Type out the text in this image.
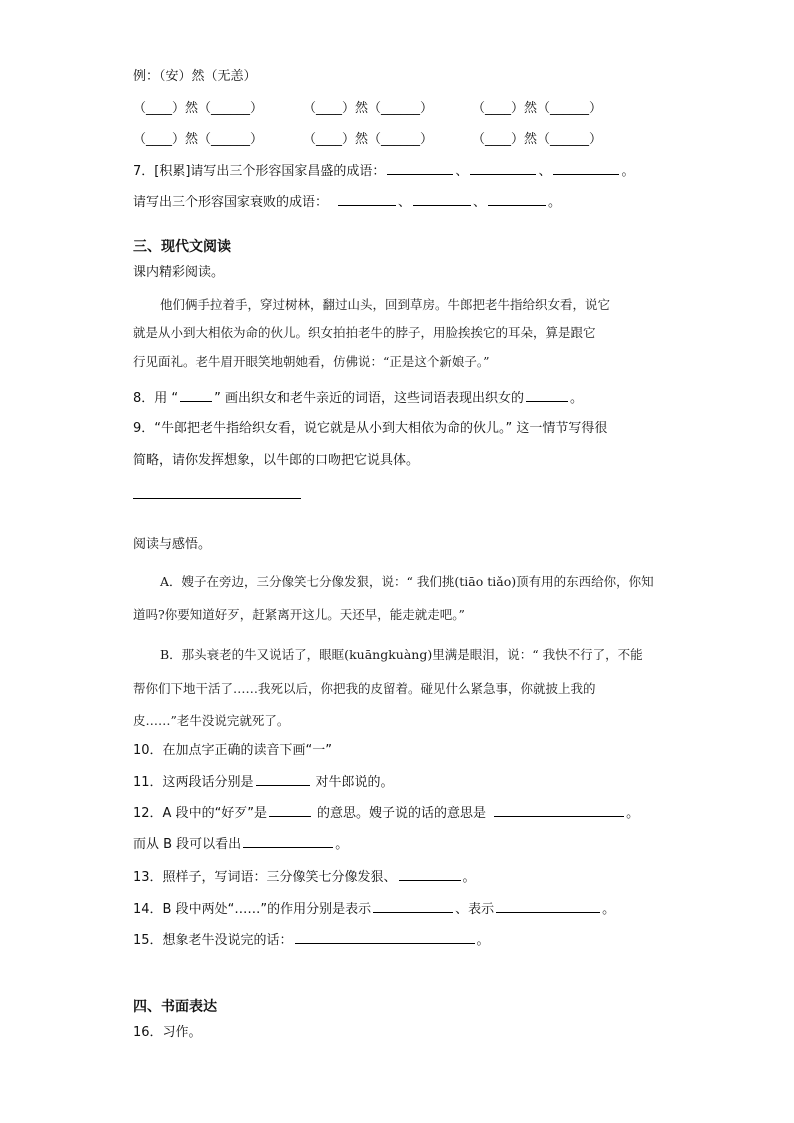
例：（安）然（无恙）
（____）然（______）	（____）然（______）	（____）然（______）
（____）然（______）	（____）然（______）	（____）然（______）
7．[积累]请写出三个形容国家昌盛的成语：	、	、	。
请写出三个形容国家衰败的成语：	、	、	。
三、现代文阅读
课内精彩阅读。
他们俩手拉着手，穿过树林，翻过山头，回到草房。牛郎把老牛指给织女看，说它
就是从小到大相依为命的伙儿。织女拍拍老牛的脖子，用脸挨挨它的耳朵，算是跟它
行见面礼。老牛眉开眼笑地朝她看，仿佛说：“正是这个新娘子。”
8．用 “	” 画出织女和老牛亲近的词语，这些词语表现出织女的	。
9．“牛郎把老牛指给织女看，说它就是从小到大相依为命的伙儿。” 这一情节写得很
简略，请你发挥想象，以牛郎的口吻把它说具体。
阅读与感悟。
A．嫂子在旁边，三分像笑七分像发狠，说：“ 我们挑(tiāo tiǎo)顶有用的东西给你，你知
道吗?你要知道好歹，赶紧离开这儿。天还早，能走就走吧。”
B．那头衰老的牛又说话了，眼眶(kuāngkuàng)里满是眼泪，说：“ 我快不行了，不能
帮你们下地干活了……我死以后，你把我的皮留着。碰见什么紧急事，你就披上我的
皮……”老牛没说完就死了。
10．在加点字正确的读音下画“一”
11．这两段话分别是	对牛郎说的。
12．A 段中的“好歹”是	的意思。嫂子说的话的意思是	。
而从 B 段可以看出	。
13．照样子，写词语：三分像笑七分像发狠、	。
14．B 段中两处“……”的作用分别是表示	、表示	。
15．想象老牛没说完的话：	。
四、书面表达
16．习作。
